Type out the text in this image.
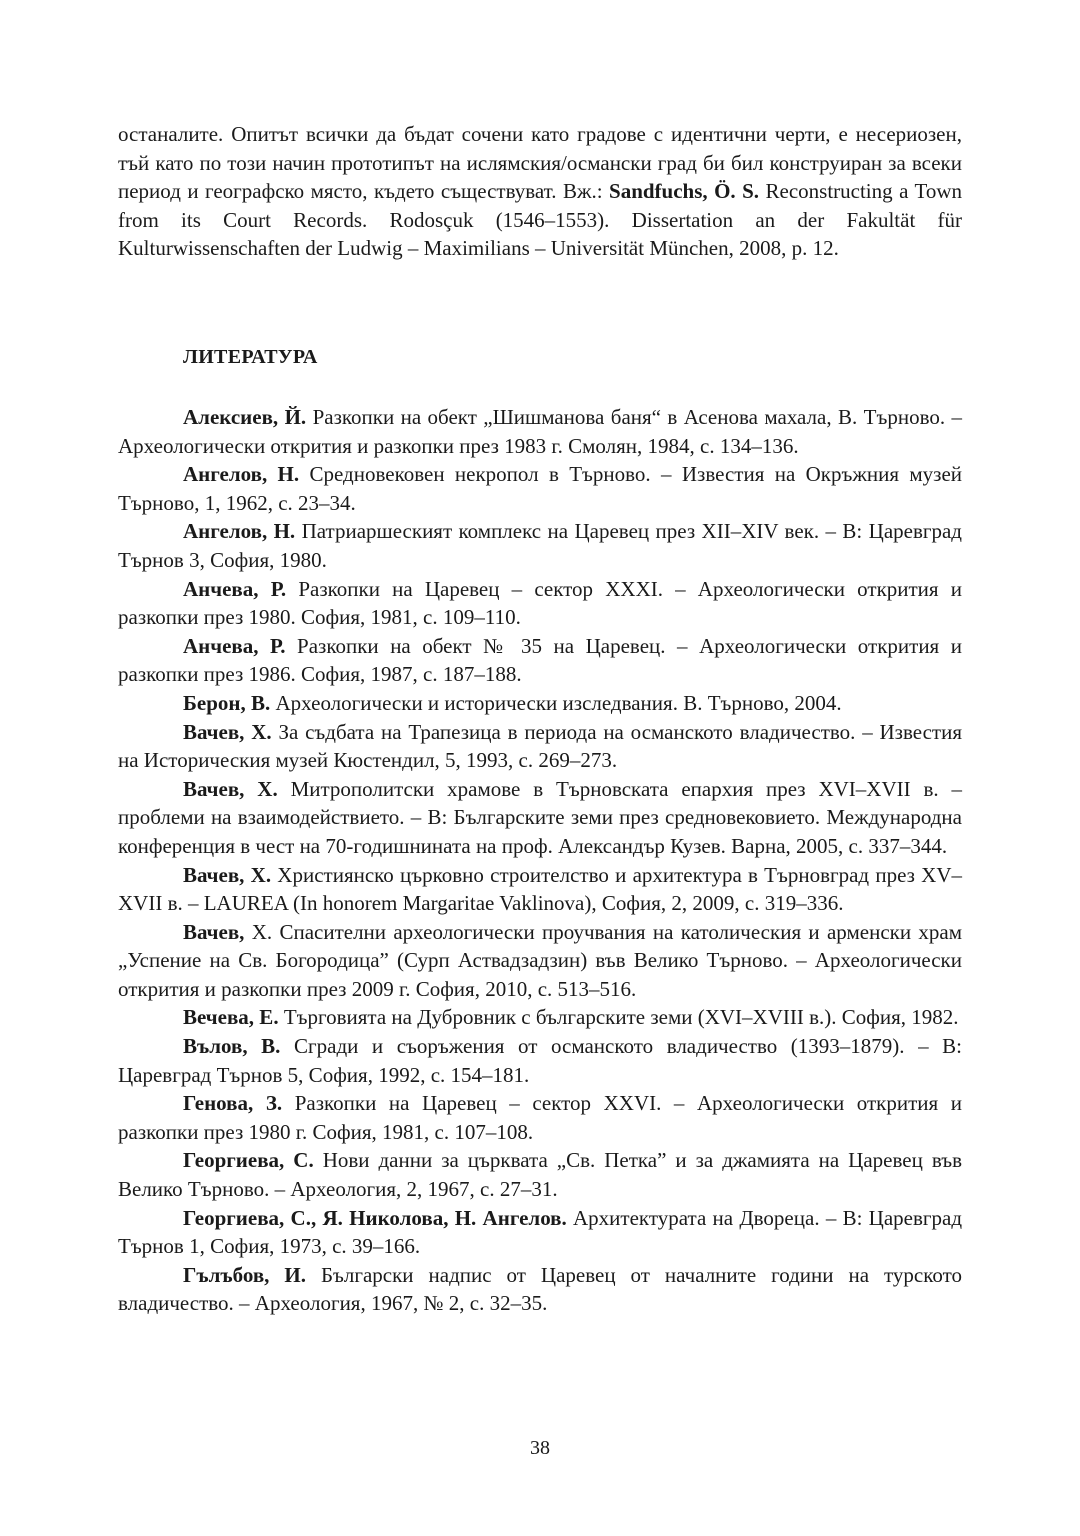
останалите. Опитът всички да бъдат сочени като градове с идентични черти, е несериозен, тъй като по този начин прототипът на ислямския/османски град би бил конструиран за всеки период и географско място, където съществуват. Вж.: Sandfuchs, Ö. S. Reconstructing a Town from its Court Records. Rodosçuk (1546–1553). Dissertation an der Fakultät für Kulturwissenschaften der Ludwig – Maximilians – Universität München, 2008, p. 12.

ЛИТЕРАТУРА

Алексиев, Й. Разкопки на обект „Шишманова баня“ в Асенова махала, В. Търново. – Археологически открития и разкопки през 1983 г. Смолян, 1984, с. 134–136.

Ангелов, Н. Средновековен некропол в Търново. – Известия на Окръжния музей Търново, 1, 1962, с. 23–34.

Ангелов, Н. Патриаршеският комплекс на Царевец през XII–XIV век. – В: Царевград Търнов 3, София, 1980.

Анчева, Р. Разкопки на Царевец – сектор XXXI. – Археологически открития и разкопки през 1980. София, 1981, с. 109–110.

Анчева, Р. Разкопки на обект № 35 на Царевец. – Археологически открития и разкопки през 1986. София, 1987, с. 187–188.

Берон, В. Археологически и исторически изследвания. В. Търново, 2004.

Вачев, Х. За съдбата на Трапезица в периода на османското владичество. – Известия на Историческия музей Кюстендил, 5, 1993, с. 269–273.

Вачев, Х. Митрополитски храмове в Търновската епархия през XVI–XVII в. – проблеми на взаимодействието. – В: Българските земи през средновековието. Международна конференция в чест на 70-годишнината на проф. Александър Кузев. Варна, 2005, с. 337–344.

Вачев, Х. Християнско църковно строителство и архитектура в Търновград през XV–XVII в. – LAUREA (In honorem Margaritae Vaklinova), София, 2, 2009, с. 319–336.

Вачев, Х. Спасителни археологически проучвания на католическия и арменски храм „Успение на Св. Богородица” (Сурп Аствадзадзин) във Велико Търново. – Археологически открития и разкопки през 2009 г. София, 2010, с. 513–516.

Вечева, Е. Търговията на Дубровник с българските земи (XVI–XVIII в.). София, 1982.

Вълов, В. Сгради и съоръжения от османското владичество (1393–1879). – В: Царевград Търнов 5, София, 1992, с. 154–181.

Генова, З. Разкопки на Царевец – сектор XXVI. – Археологически открития и разкопки през 1980 г. София, 1981, с. 107–108.

Георгиева, С. Нови данни за църквата „Св. Петка” и за джамията на Царевец във Велико Търново. – Археология, 2, 1967, с. 27–31.

Георгиева, С., Я. Николова, Н. Ангелов. Архитектурата на Двореца. – В: Царевград Търнов 1, София, 1973, с. 39–166.

Гълъбов, И. Български надпис от Царевец от началните години на турското владичество. – Археология, 1967, № 2, с. 32–35.

38
